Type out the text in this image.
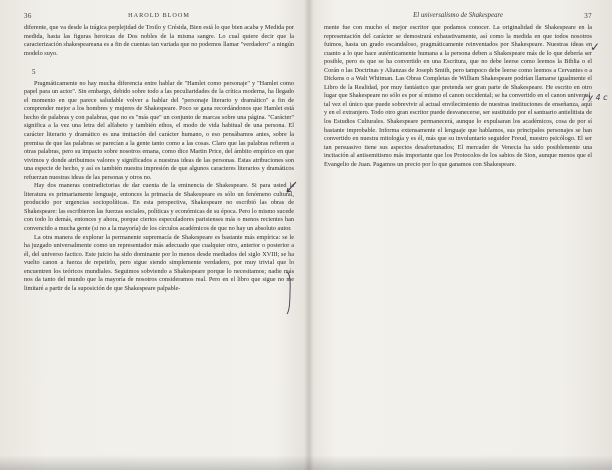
36	HAROLD BLOOM

diferente, que va desde la trágica perplejidad de Troilo y Crésida, Bien está lo que bien acaba y Medida por medida, hasta las figuras heroicas de Dos nobles de la misma sangre. Lo cual quiere decir que la caracterización shakespeareana es a fin de cuentas tan variada que no podemos llamar "verdadero" a ningún modelo suyo.

5

Pragmáticamente no hay mucha diferencia entre hablar de "Hamlet como personaje" y "Hamlet como papel para un actor". Sin embargo, debido sobre todo a las peculiaridades de la crítica moderna, ha llegado el momento en que parece saludable volver a hablar del "personaje literario y dramático" a fin de comprender mejor a los hombres y mujeres de Shakespeare. Poco se gana recordándonos que Hamlet está hecho de palabras y con palabras, que no es "más que" un conjunto de marcas sobre una página. "Carácter" significa a la vez una letra del alfabeto y también ethos, el modo de vida habitual de una persona. El carácter literario y dramático es una imitación del carácter humano, o eso pensábamos antes, sobre la premisa de que las palabras se parecían a la gente tanto como a las cosas. Claro que las palabras refieren a otras palabras, pero su impacto sobre nosotros emana, como dice Martin Price, del ámbito empírico en que vivimos y donde atribuimos valores y significados a nuestras ideas de las personas. Estas atribuciones son una especie de hecho, y así es también nuestra impresión de que algunos caracteres literarios y dramáticos refuerzan nuestras ideas de las personas y otros no.

Hay dos maneras contradictorias de dar cuenta de la eminencia de Shakespeare. Si para usted la literatura es primariamente lenguaje, entonces la primacía de Shakespeare es sólo un fenómeno cultural, producido por urgencias sociopolíticas. En esta perspectiva, Shakespeare no escribió las obras de Shakespeare: las escribieron las fuerzas sociales, políticas y económicas de su época. Pero lo mismo sucede con todo lo demás, entonces y ahora, porque ciertos especuladores parisienses más o menos recientes han convencido a mucha gente (si no a la mayoría) de los círculos académicos de que no hay un absoluto autor.

La otra manera de explorar la permanente supremacía de Shakespeare es bastante más empírica: se le ha juzgado universalmente como un representador más adecuado que cualquier otro, anterior o posterior a él, del universo factico. Este juicio ha sido dominante por lo menos desde mediados del siglo XVIII; se ha vuelto canon a fuerza de repetirlo, pero sigue siendo simplemente verdadero, por muy trivial que lo encuentren los teóricos mundiales. Seguimos sobviendo a Shakespeare porque lo necesitamos; nadie más nos da tanto del mundo que la mayoría de nosotros consideramos real. Pero en el libro que sigue no me limitaré a partir de la suposición de que Shakespeare palpable-

El universalismo de Shakespeare	37

mente fue con mucho el mejor escritor que podamos conocer. La originalidad de Shakespeare en la representación del carácter se demostrará exhaustivamente, así como la medida en que todos nosotros fuimos, hasta un grado escandaloso, pragmáticamente reinventados por Shakespeare. Nuestras ideas en cuanto a lo que hace auténticamente humana a la persona deben a Shakespeare más de lo que debería ser posible, pero es que se ha convertido en una Escritura, que no debe leerse como leemos la Biblia o el Corán o las Doctrinas y Alianzas de Joseph Smith, pero tampoco debe leerse como leemos a Cervantes o a Dickens o a Walt Whitman. Las Obras Completas de William Shakespeare podrían llamarse igualmente el Libro de la Realidad, por muy fantástico que pretenda ser gran parte de Shakespeare. He escrito en otro lugar que Shakespeare no sólo es por sí mismo el canon occidental; se ha convertido en el canon universal, tal vez el único que puede sobrevivir al actual envilecimiento de nuestras instituciones de enseñanza, aquí y en el extranjero. Todo otro gran escritor puede desvanecerse, ser sustituido por el santuario antielitista de los Estudios Culturales. Shakespeare permanecerá, aunque lo expulsaran los académicos, cosa de por sí bastante improbable. Informa extensamente el lenguaje que hablamos, sus principales personajes se han convertido en nuestra mitología y es él, más que su involuntario seguidor Freud, nuestro psicólogo. El ser tan persuasivo tiene sus aspectos desafortunados; El mercader de Venecia ha sido posiblemente una incitación al antisemitismo más importante que los Protocolos de los sabios de Sion, aunque menos que el Evangelio de Juan. Pagamos un precio por lo que ganamos con Shakespeare.

✓
/ y 4 c
